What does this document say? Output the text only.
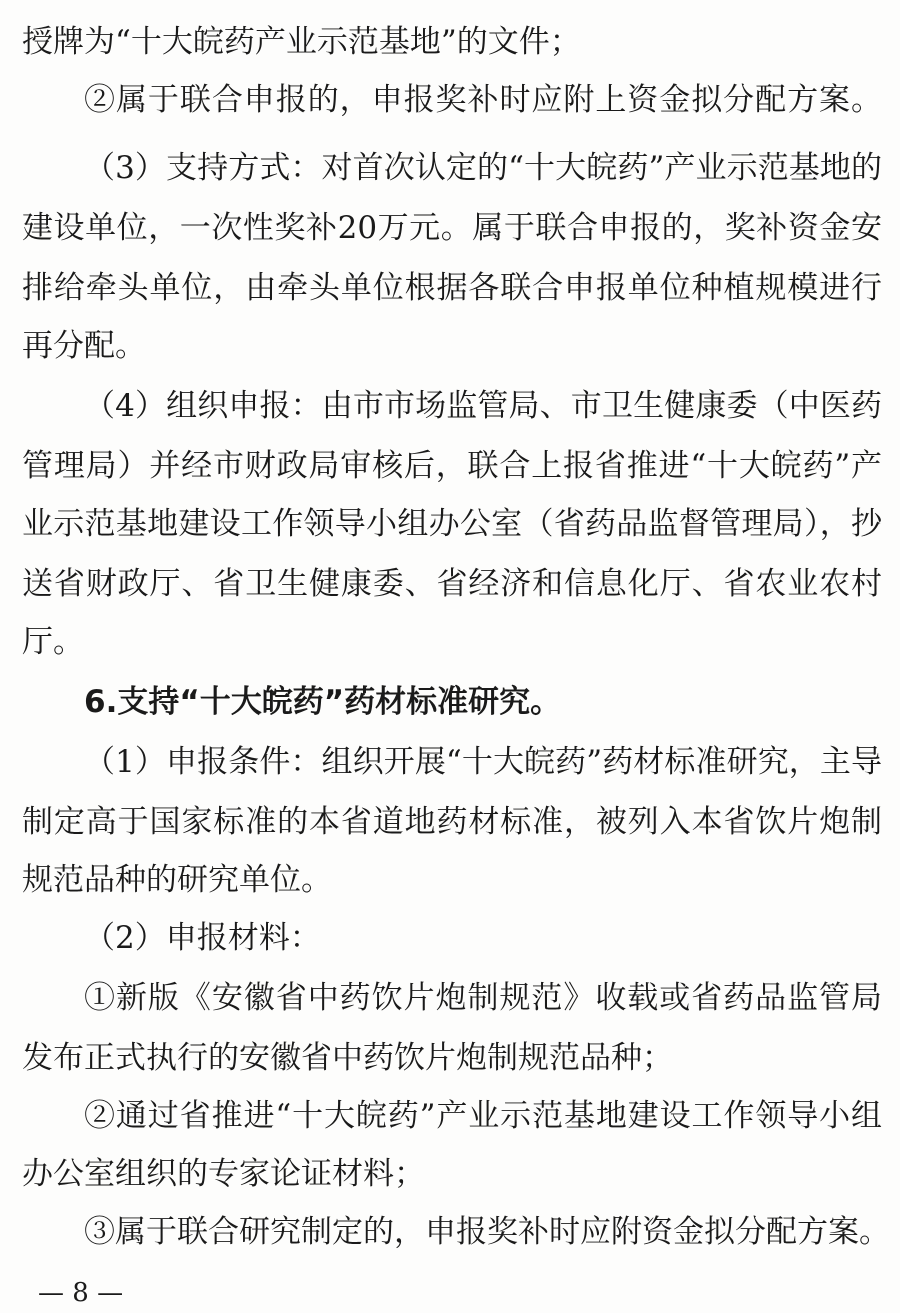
授牌为“十大皖药产业示范基地”的文件；
②属于联合申报的，申报奖补时应附上资金拟分配方案。
（3）支持方式：对首次认定的“十大皖药”产业示范基地的
建设单位，一次性奖补20万元。属于联合申报的，奖补资金安
排给牵头单位，由牵头单位根据各联合申报单位种植规模进行
再分配。
（4）组织申报：由市市场监管局、市卫生健康委（中医药
管理局）并经市财政局审核后，联合上报省推进“十大皖药”产
业示范基地建设工作领导小组办公室（省药品监督管理局），抄
送省财政厅、省卫生健康委、省经济和信息化厅、省农业农村
厅。
6.支持“十大皖药”药材标准研究。
（1）申报条件：组织开展“十大皖药”药材标准研究，主导
制定高于国家标准的本省道地药材标准，被列入本省饮片炮制
规范品种的研究单位。
（2）申报材料：
①新版《安徽省中药饮片炮制规范》收载或省药品监管局
发布正式执行的安徽省中药饮片炮制规范品种；
②通过省推进“十大皖药”产业示范基地建设工作领导小组
办公室组织的专家论证材料；
③属于联合研究制定的，申报奖补时应附资金拟分配方案。
— 8 —
